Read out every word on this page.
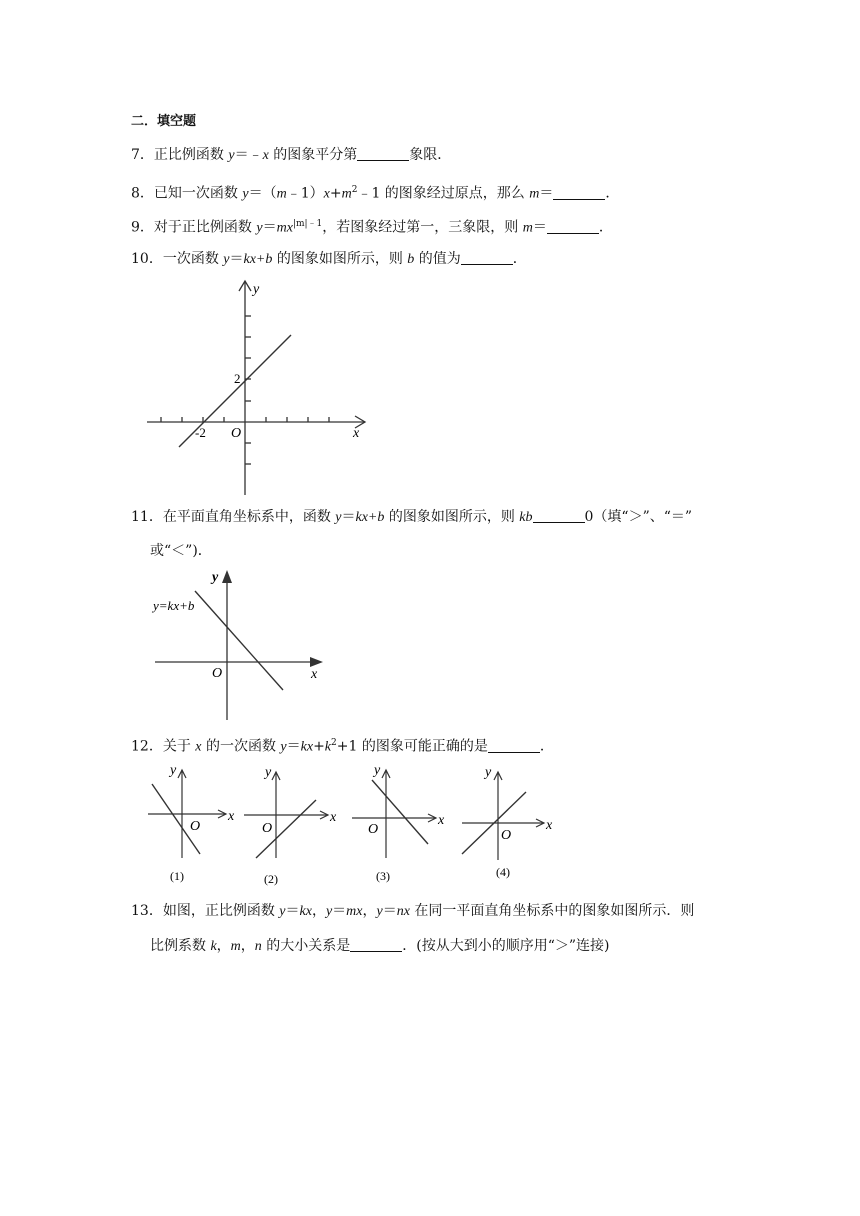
二．填空题
7．正比例函数 y＝﹣x 的图象平分第	象限．
8．已知一次函数 $y=(m﹣1)x+m^2﹣1$ 的图象经过原点，那么 m＝	．
9．对于正比例函数 $y=mx^{|m|﹣1}$，若图象经过第一，三象限，则 m＝	．
10．一次函数 y＝kx+b 的图象如图所示，则 b 的值为	．
y
x
O
2
-2
11．在平面直角坐标系中，函数 y＝kx+b 的图象如图所示，则 kb	0（填“＞”、“＝”
或“＜”)．
y
x
O
y=kx+b
12．关于 x 的一次函数 $y=kx+k^2+1$ 的图象可能正确的是	．
y
x
O
y
x
O
y
x
O
y
x
O
(1)	(2)	(3)	(4)
13．如图，正比例函数 y＝kx，y＝mx，y＝nx 在同一平面直角坐标系中的图象如图所示．则
比例系数 k，m，n 的大小关系是	．(按从大到小的顺序用“＞”连接)
